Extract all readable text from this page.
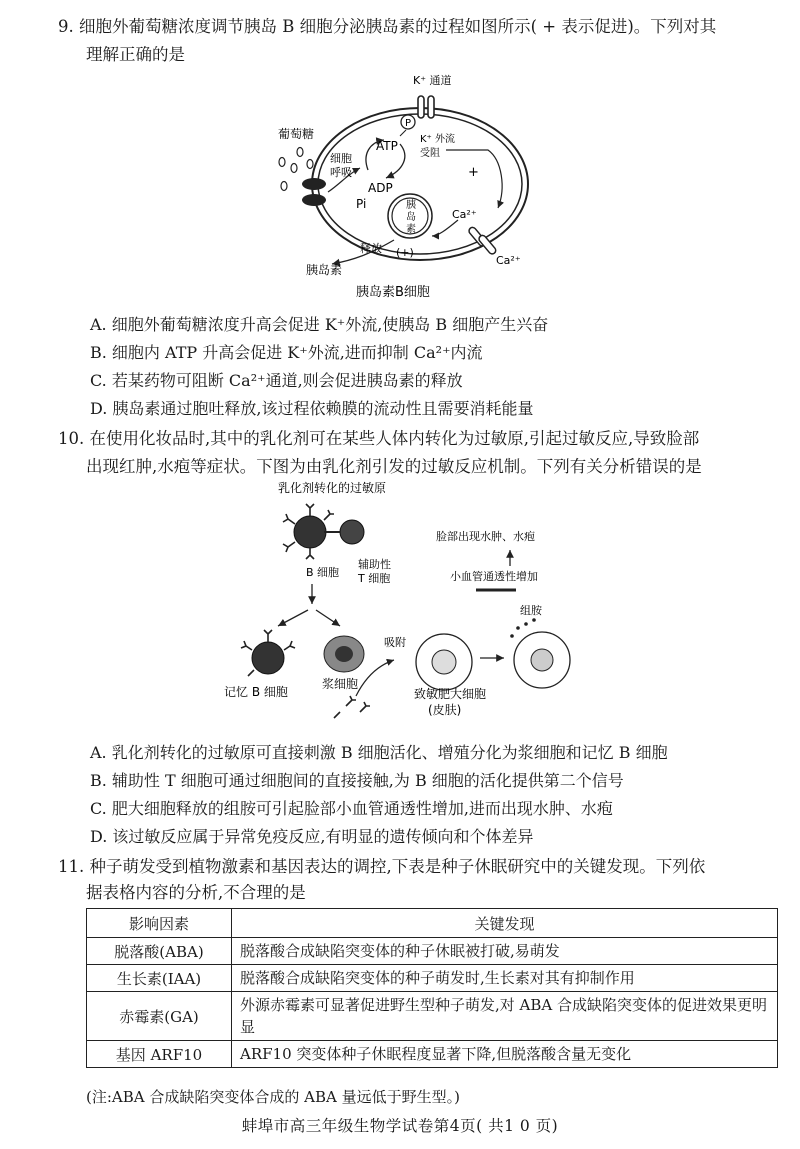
9. 细胞外葡萄糖浓度调节胰岛 B 细胞分泌胰岛素的过程如图所示( + 表示促进)。下列对其
理解正确的是
P
K⁺ 通道
葡萄糖
ATP
细胞
呼吸
ADP
Pi
K⁺ 外流
受阻
+
胰
岛
素
Ca²⁺
Ca²⁺
释放 (+)
胰岛素
胰岛素B细胞
A. 细胞外葡萄糖浓度升高会促进 K⁺外流,使胰岛 B 细胞产生兴奋
B. 细胞内 ATP 升高会促进 K⁺外流,进而抑制 Ca²⁺内流
C. 若某药物可阻断 Ca²⁺通道,则会促进胰岛素的释放
D. 胰岛素通过胞吐释放,该过程依赖膜的流动性且需要消耗能量
10. 在使用化妆品时,其中的乳化剂可在某些人体内转化为过敏原,引起过敏反应,导致脸部
出现红肿,水疱等症状。下图为由乳化剂引发的过敏反应机制。下列有关分析错误的是
乳化剂转化的过敏原
B 细胞
辅助性
T 细胞
记忆 B 细胞
浆细胞
吸附
致敏肥大细胞
(皮肤)
组胺
小血管通透性增加
脸部出现水肿、水疱
A. 乳化剂转化的过敏原可直接刺激 B 细胞活化、增殖分化为浆细胞和记忆 B 细胞
B. 辅助性 T 细胞可通过细胞间的直接接触,为 B 细胞的活化提供第二个信号
C. 肥大细胞释放的组胺可引起脸部小血管通透性增加,进而出现水肿、水疱
D. 该过敏反应属于异常免疫反应,有明显的遗传倾向和个体差异
11. 种子萌发受到植物激素和基因表达的调控,下表是种子休眠研究中的关键发现。下列依
据表格内容的分析,不合理的是
影响因素	关键发现
脱落酸(ABA)	脱落酸合成缺陷突变体的种子休眠被打破,易萌发
生长素(IAA)	脱落酸合成缺陷突变体的种子萌发时,生长素对其有抑制作用
赤霉素(GA)	外源赤霉素可显著促进野生型种子萌发,对 ABA 合成缺陷突变体的促进效果更明显
基因 ARF10	ARF10 突变体种子休眠程度显著下降,但脱落酸含量无变化
(注:ABA 合成缺陷突变体合成的 ABA 量远低于野生型。)
蚌埠市高三年级生物学试卷第4页( 共1 0 页)
